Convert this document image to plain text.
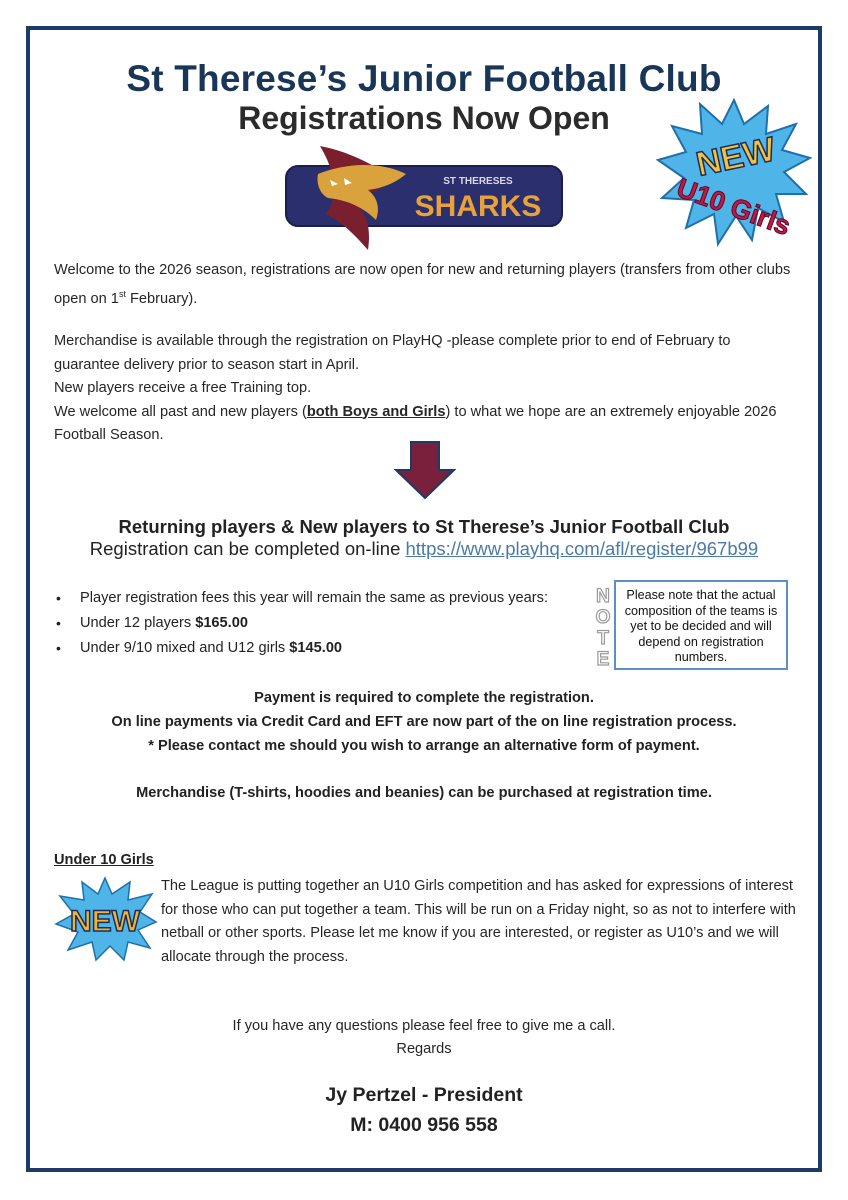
St Therese’s Junior Football Club
Registrations Now Open
ST THERESES
SHARKS
NEW
U10 Girls

Welcome to the 2026 season, registrations are now open for new and returning players (transfers from other clubs open on 1st February).

Merchandise is available through the registration on PlayHQ -please complete prior to end of February to guarantee delivery prior to season start in April.

New players receive a free Training top.

We welcome all past and new players (both Boys and Girls) to what we hope are an extremely enjoyable 2026 Football Season.

Returning players & New players to St Therese’s Junior Football Club
Registration can be completed on-line https://www.playhq.com/afl/register/967b99
• Player registration fees this year will remain the same as previous years:
• Under 12 players $165.00
• Under 9/10 mixed and U12 girls $145.00
N
O
T
E
Please note that the actual composition of the teams is yet to be decided and will depend on registration numbers.
Payment is required to complete the registration.
On line payments via Credit Card and EFT are now part of the on line registration process.
* Please contact me should you wish to arrange an alternative form of payment.
Merchandise (T-shirts, hoodies and beanies) can be purchased at registration time.
Under 10 Girls
NEW
The League is putting together an U10 Girls competition and has asked for expressions of interest for those who can put together a team. This will be run on a Friday night, so as not to interfere with netball or other sports. Please let me know if you are interested, or register as U10’s and we will allocate through the process.
If you have any questions please feel free to give me a call.
Regards
Jy Pertzel - President
M: 0400 956 558
